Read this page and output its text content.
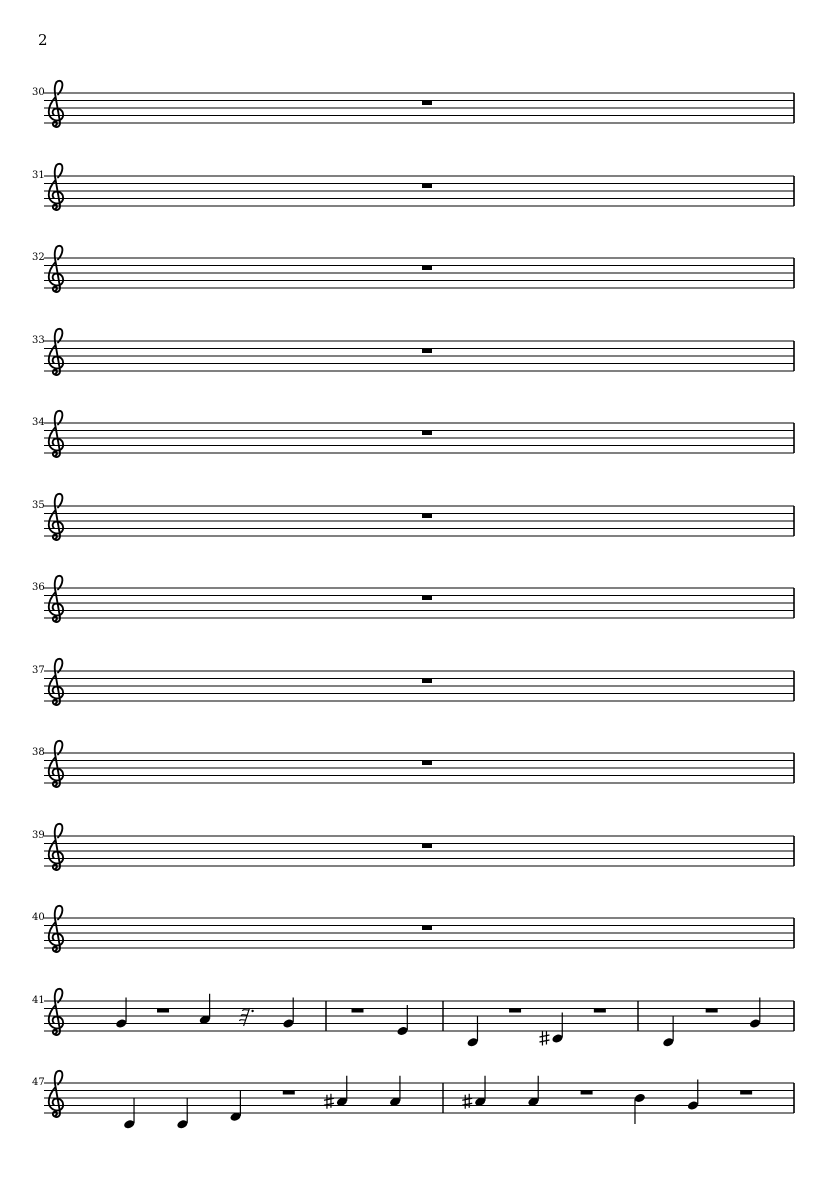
2
30
31
32
33
34
35
36
37
38
39
40
41
47
